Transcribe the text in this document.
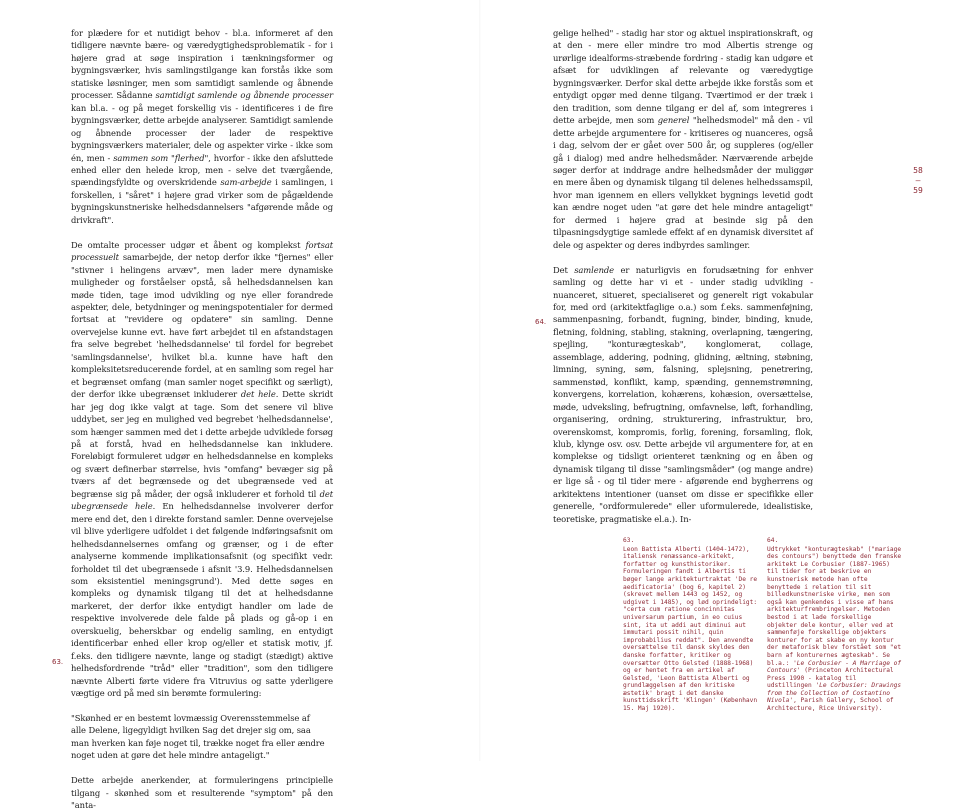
for plædere for et nutidigt behov - bl.a. informeret af den tidligere nævnte bære- og væredygtighedsproblematik - for i højere grad at søge inspiration i tænkningsformer og bygningsværker, hvis samlingstilgange kan forstås ikke som statiske løsninger, men som samtidigt samlende og åbnende processer. Sådanne samtidigt samlende og åbnende processer kan bl.a. - og på meget forskellig vis - identificeres i de fire bygningsværker, dette arbejde analyserer. Samtidigt samlende og åbnende processer der lader de respektive bygningsværkers materialer, dele og aspekter virke - ikke som én, men - sammen som "flerhed", hvorfor - ikke den afsluttede enhed eller den helede krop, men - selve det tværgående, spændingsfyldte og overskridende sam-arbejde i samlingen, i forskellen, i "såret" i højere grad virker som de pågældende bygningskunstneriske helhedsdannelsers "afgørende måde og drivkraft".

De omtalte processer udgør et åbent og komplekst fortsat processuelt samarbejde, der netop derfor ikke "fjernes" eller "stivner i helingens arvæv", men lader mere dynamiske muligheder og forståelser opstå, så helhedsdannelsen kan møde tiden, tage imod udvikling og nye eller forandrede aspekter, dele, betydninger og meningspotentialer for dermed fortsat at "revidere og opdatere" sin samling. Denne overvejelse kunne evt. have ført arbejdet til en afstandstagen fra selve begrebet 'helhedsdannelse' til fordel for begrebet 'samlingsdannelse', hvilket bl.a. kunne have haft den kompleksitetsreducerende fordel, at en samling som regel har et begrænset omfang (man samler noget specifikt og særligt), der derfor ikke ubegrænset inkluderer det hele. Dette skridt har jeg dog ikke valgt at tage. Som det senere vil blive uddybet, ser jeg en mulighed ved begrebet 'helhedsdannelse', som hænger sammen med det i dette arbejde udviklede forsøg på at forstå, hvad en helhedsdannelse kan inkludere. Foreløbigt formuleret udgør en helhedsdannelse en kompleks og svært definerbar størrelse, hvis "omfang" bevæger sig på tværs af det begrænsede og det ubegrænsede ved at begrænse sig på måder, der også inkluderer et forhold til det ubegrænsede hele. En helhedsdannelse involverer derfor mere end det, den i direkte forstand samler. Denne overvejelse vil blive yderligere udfoldet i det følgende indføringsafsnit om helhedsdannelsernes omfang og grænser, og i de efter analyserne kommende implikationsafsnit (og specifikt vedr. forholdet til det ubegrænsede i afsnit '3.9. Helhedsdannelsen som eksistentiel meningsgrund'). Med dette søges en kompleks og dynamisk tilgang til det at helhedsdanne markeret, der derfor ikke entydigt handler om lade de respektive involverede dele falde på plads og gå-op i en overskuelig, beherskbar og endelig samling, en entydigt identificerbar enhed eller krop og/eller et statisk motiv, jf. f.eks. den tidligere nævnte, lange og stadigt (stædigt) aktive helhedsfordrende "tråd" eller "tradition", som den tidligere nævnte Alberti førte videre fra Vitruvius og satte yderligere vægtige ord på med sin berømte formulering:

"Skønhed er en bestemt lovmæssig Overensstemmelse af
alle Delene, ligegyldigt hvilken Sag det drejer sig om, saa
man hverken kan føje noget til, trække noget fra eller ændre
noget uden at gøre det hele mindre antageligt."

Dette arbejde anerkender, at formuleringens principielle tilgang - skønhed som et resulterende "symptom" på den "anta-

63.

gelige helhed" - stadig har stor og aktuel inspirationskraft, og at den - mere eller mindre tro mod Albertis strenge og urørlige idealforms-stræbende fordring - stadig kan udgøre et afsæt for udviklingen af relevante og væredygtige bygningsværker. Derfor skal dette arbejde ikke forstås som et entydigt opgør med denne tilgang. Tværtimod er der træk i den tradition, som denne tilgang er del af, som integreres i dette arbejde, men som generel "helhedsmodel" må den - vil dette arbejde argumentere for - kritiseres og nuanceres, også i dag, selvom der er gået over 500 år, og suppleres (og/eller gå i dialog) med andre helhedsmåder. Nærværende arbejde søger derfor at inddrage andre helhedsmåder der muliggør en mere åben og dynamisk tilgang til delenes helhedssamspil, hvor man igennem en ellers vellykket bygnings levetid godt kan ændre noget uden "at gøre det hele mindre antageligt" for dermed i højere grad at besinde sig på den tilpasningsdygtige samlede effekt af en dynamisk diversitet af dele og aspekter og deres indbyrdes samlinger.

Det samlende er naturligvis en forudsætning for enhver samling og dette har vi et - under stadig udvikling - nuanceret, situeret, specialiseret og generelt rigt vokabular for, med ord (arkitektfaglige o.a.) som f.eks. sammenføjning, sammenpasning, forbandt, fugning, binder, binding, knude, fletning, foldning, stabling, stakning, overlapning, tængering, spejling, "konturægteskab", konglomerat, collage, assemblage, addering, podning, glidning, æltning, støbning, limning, syning, søm, falsning, splejsning, penetrering, sammenstød, konflikt, kamp, spænding, gennemstrømning, konvergens, korrelation, kohærens, kohæsion, oversættelse, møde, udveksling, befrugtning, omfavnelse, løft, forhandling, organisering, ordning, strukturering, infrastruktur, bro, overenskomst, kompromis, forlig, forening, forsamling, flok, klub, klynge osv. osv. Dette arbejde vil argumentere for, at en komplekse og tidsligt orienteret tænkning og en åben og dynamisk tilgang til disse "samlingsmåder" (og mange andre) er lige så - og til tider mere - afgørende end bygherrens og arkitektens intentioner (uanset om disse er specifikke eller generelle, "ordformulerede" eller uformulerede, idealistiske, teoretiske, pragmatiske el.a.). In-

64.
58
—
59
63.

Leon Battista Alberti (1404-1472), italiensk renæssance-arkitekt, forfatter og kunsthistoriker. Formuleringen fandt i Albertis ti bøger lange arkitekturtraktat 'De re aedificatoria' (bog 6, kapitel 2)(skrevet mellem 1443 og 1452, og udgivet i 1485), og lød oprindeligt: "certa cum ratione concinnitas universarum partium, in eo cuius sint, ita ut addi aut diminui aut immutari possit nihil, quin improbabilius reddat". Den anvendte oversættelse til dansk skyldes den danske forfatter, kritiker og oversætter Otto Gelsted (1888-1968) og er hentet fra en artikel af Gelsted, 'Leon Battista Alberti og grundlæggelsen af den kritiske æstetik' bragt i det danske kunsttidsskrift 'Klingen' (København 15. Maj 1920).

64.

Udtrykket "konturægteskab" ("mariage des contours") benyttede den franske arkitekt Le Corbusier (1887-1965) til tider for at beskrive en kunstnerisk metode han ofte benyttede i relation til sit billedkunstneriske virke, men som også kan genkendes i visse af hans arkitekturfrembringelser. Metoden bestod i at lade forskellige objekter dele kontur, eller ved at sammenføje forskellige objekters konturer for at skabe en ny kontur der metaforisk blev forstået som "et barn af konturernes ægteskab". Se bl.a.: 'Le Corbusier - A Marriage of Contours' (Princeton Architectural Press 1990 - katalog til udstillingen 'Le Corbusier: Drawings from the Collection of Costantino Nivola', Parish Gallery, School of Architecture, Rice University).
